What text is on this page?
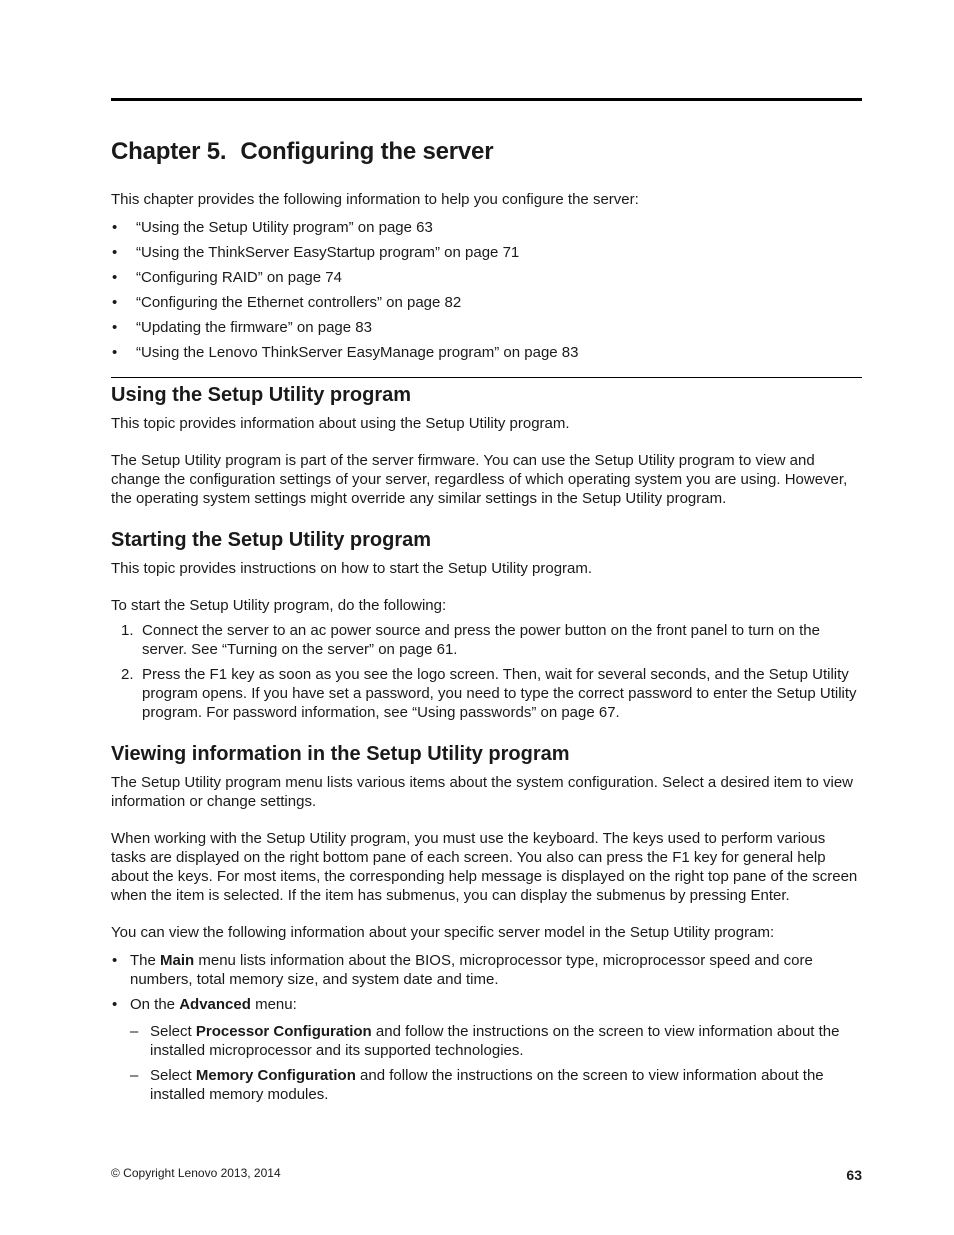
Chapter 5. Configuring the server

This chapter provides the following information to help you configure the server:

• “Using the Setup Utility program” on page 63
• “Using the ThinkServer EasyStartup program” on page 71
• “Configuring RAID” on page 74
• “Configuring the Ethernet controllers” on page 82
• “Updating the firmware” on page 83
• “Using the Lenovo ThinkServer EasyManage program” on page 83
Using the Setup Utility program

This topic provides information about using the Setup Utility program.

The Setup Utility program is part of the server firmware. You can use the Setup Utility program to view and change the configuration settings of your server, regardless of which operating system you are using. However, the operating system settings might override any similar settings in the Setup Utility program.

Starting the Setup Utility program

This topic provides instructions on how to start the Setup Utility program.

To start the Setup Utility program, do the following:

1. Connect the server to an ac power source and press the power button on the front panel to turn on the server. See “Turning on the server” on page 61.
2. Press the F1 key as soon as you see the logo screen. Then, wait for several seconds, and the Setup Utility program opens. If you have set a password, you need to type the correct password to enter the Setup Utility program. For password information, see “Using passwords” on page 67.
Viewing information in the Setup Utility program

The Setup Utility program menu lists various items about the system configuration. Select a desired item to view information or change settings.

When working with the Setup Utility program, you must use the keyboard. The keys used to perform various tasks are displayed on the right bottom pane of each screen. You also can press the F1 key for general help about the keys. For most items, the corresponding help message is displayed on the right top pane of the screen when the item is selected. If the item has submenus, you can display the submenus by pressing Enter.

You can view the following information about your specific server model in the Setup Utility program:

• The Main menu lists information about the BIOS, microprocessor type, microprocessor speed and core numbers, total memory size, and system date and time.
• On the Advanced menu:
– Select Processor Configuration and follow the instructions on the screen to view information about the installed microprocessor and its supported technologies.
– Select Memory Configuration and follow the instructions on the screen to view information about the installed memory modules.
© Copyright Lenovo 2013, 2014	63
